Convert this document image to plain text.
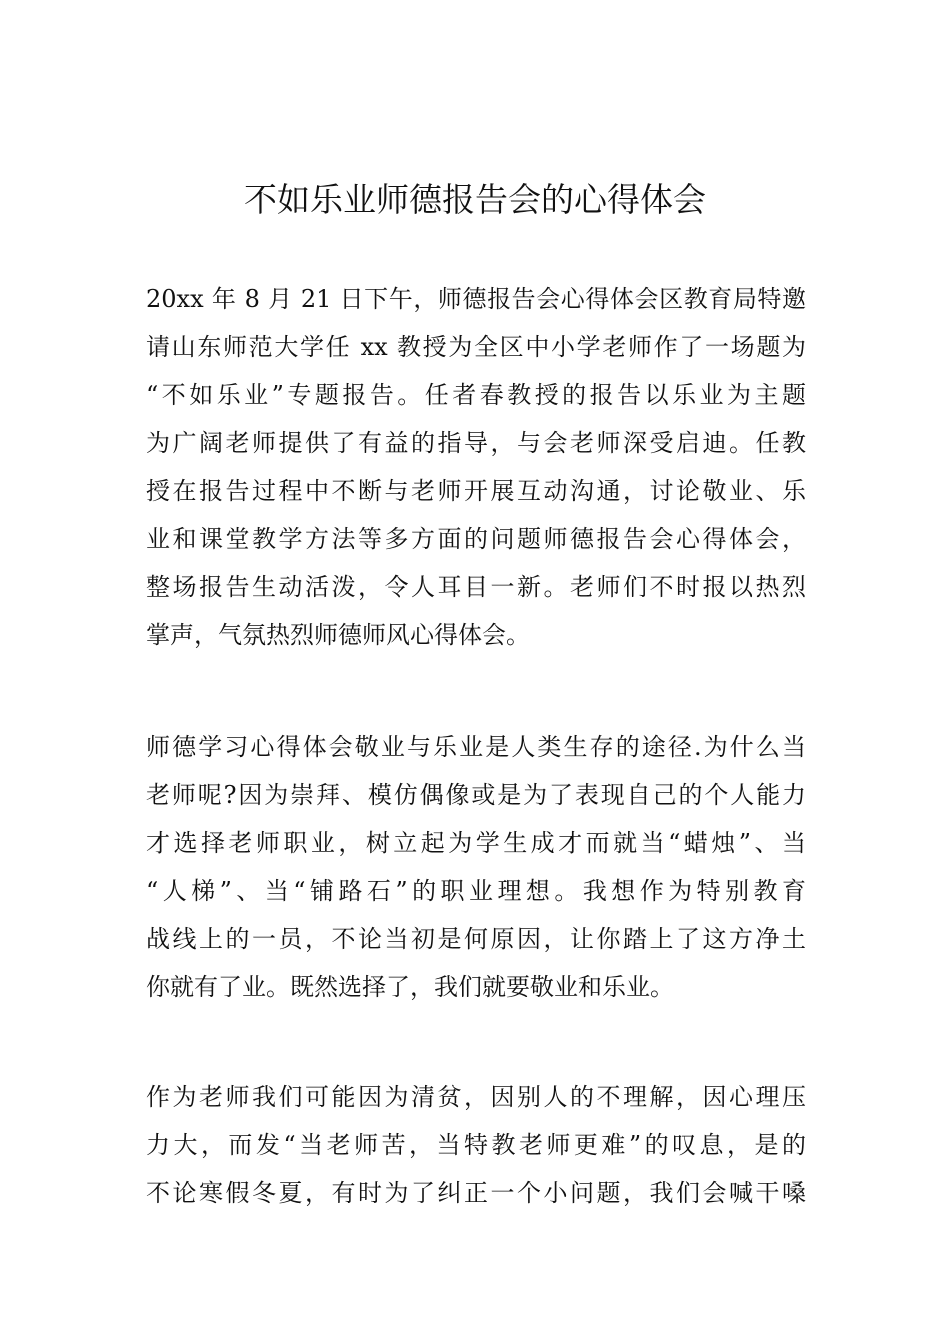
不如乐业师德报告会的心得体会

20xx 年 8 月 21 日下午，师德报告会心得体会区教育局特邀
请山东师范大学任 xx 教授为全区中小学老师作了一场题为
“不如乐业”专题报告。任者春教授的报告以乐业为主题
为广阔老师提供了有益的指导，与会老师深受启迪。任教
授在报告过程中不断与老师开展互动沟通，讨论敬业、乐
业和课堂教学方法等多方面的问题师德报告会心得体会，
整场报告生动活泼，令人耳目一新。老师们不时报以热烈
掌声，气氛热烈师德师风心得体会。

师德学习心得体会敬业与乐业是人类生存的途径.为什么当
老师呢?因为崇拜、模仿偶像或是为了表现自己的个人能力
才选择老师职业，树立起为学生成才而就当“蜡烛”、当
“人梯”、当“铺路石”的职业理想。我想作为特别教育
战线上的一员，不论当初是何原因，让你踏上了这方净土
你就有了业。既然选择了，我们就要敬业和乐业。

作为老师我们可能因为清贫，因别人的不理解，因心理压
力大，而发“当老师苦，当特教老师更难”的叹息，是的
不论寒假冬夏，有时为了纠正一个小问题，我们会喊干嗓
